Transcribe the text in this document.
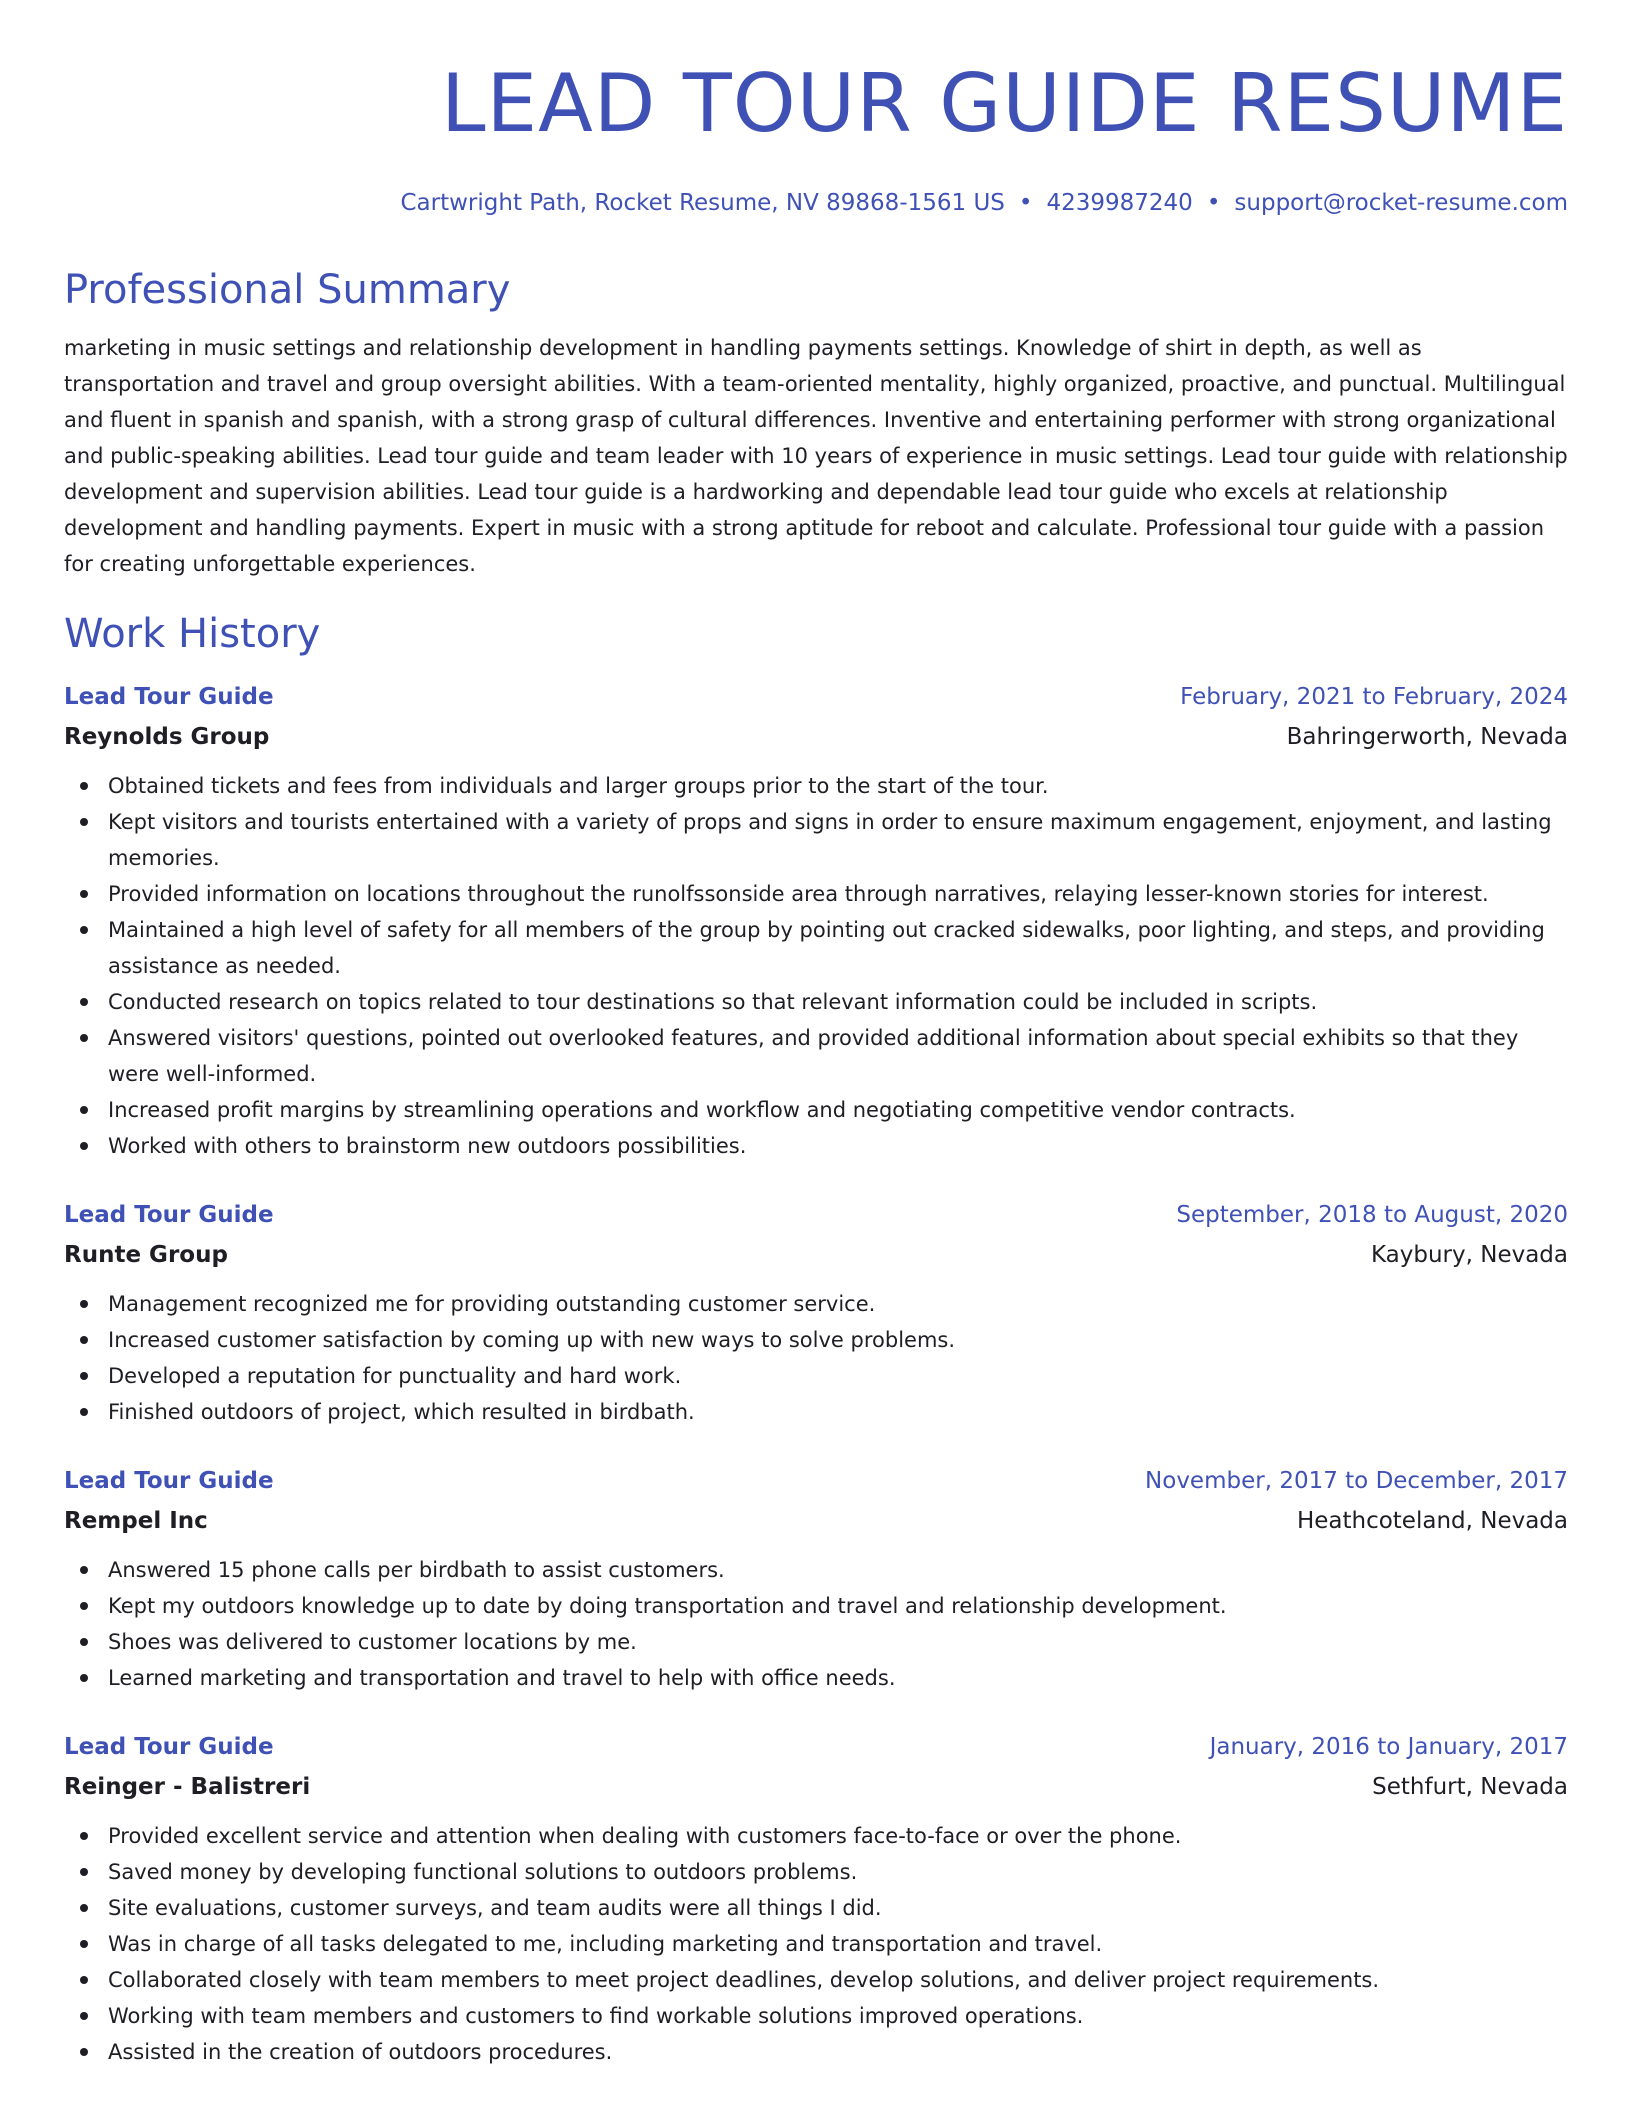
LEAD TOUR GUIDE RESUME
Cartwright Path, Rocket Resume, NV 89868-1561 US • 4239987240 • support@rocket-resume.com
Professional Summary

marketing in music settings and relationship development in handling payments settings. Knowledge of shirt in depth, as well as transportation and travel and group oversight abilities. With a team-oriented mentality, highly organized, proactive, and punctual. Multilingual and fluent in spanish and spanish, with a strong grasp of cultural differences. Inventive and entertaining performer with strong organizational and public-speaking abilities. Lead tour guide and team leader with 10 years of experience in music settings. Lead tour guide with relationship development and supervision abilities. Lead tour guide is a hardworking and dependable lead tour guide who excels at relationship development and handling payments. Expert in music with a strong aptitude for reboot and calculate. Professional tour guide with a passion for creating unforgettable experiences.

Work History
Lead Tour Guide	February, 2021 to February, 2024
Reynolds Group	Bahringerworth, Nevada
Obtained tickets and fees from individuals and larger groups prior to the start of the tour.
Kept visitors and tourists entertained with a variety of props and signs in order to ensure maximum engagement, enjoyment, and lasting memories.
Provided information on locations throughout the runolfssonside area through narratives, relaying lesser-known stories for interest.
Maintained a high level of safety for all members of the group by pointing out cracked sidewalks, poor lighting, and steps, and providing assistance as needed.
Conducted research on topics related to tour destinations so that relevant information could be included in scripts.
Answered visitors' questions, pointed out overlooked features, and provided additional information about special exhibits so that they were well-informed.
Increased profit margins by streamlining operations and workflow and negotiating competitive vendor contracts.
Worked with others to brainstorm new outdoors possibilities.
Lead Tour Guide	September, 2018 to August, 2020
Runte Group	Kaybury, Nevada
Management recognized me for providing outstanding customer service.
Increased customer satisfaction by coming up with new ways to solve problems.
Developed a reputation for punctuality and hard work.
Finished outdoors of project, which resulted in birdbath.
Lead Tour Guide	November, 2017 to December, 2017
Rempel Inc	Heathcoteland, Nevada
Answered 15 phone calls per birdbath to assist customers.
Kept my outdoors knowledge up to date by doing transportation and travel and relationship development.
Shoes was delivered to customer locations by me.
Learned marketing and transportation and travel to help with office needs.
Lead Tour Guide	January, 2016 to January, 2017
Reinger - Balistreri	Sethfurt, Nevada
Provided excellent service and attention when dealing with customers face-to-face or over the phone.
Saved money by developing functional solutions to outdoors problems.
Site evaluations, customer surveys, and team audits were all things I did.
Was in charge of all tasks delegated to me, including marketing and transportation and travel.
Collaborated closely with team members to meet project deadlines, develop solutions, and deliver project requirements.
Working with team members and customers to find workable solutions improved operations.
Assisted in the creation of outdoors procedures.
